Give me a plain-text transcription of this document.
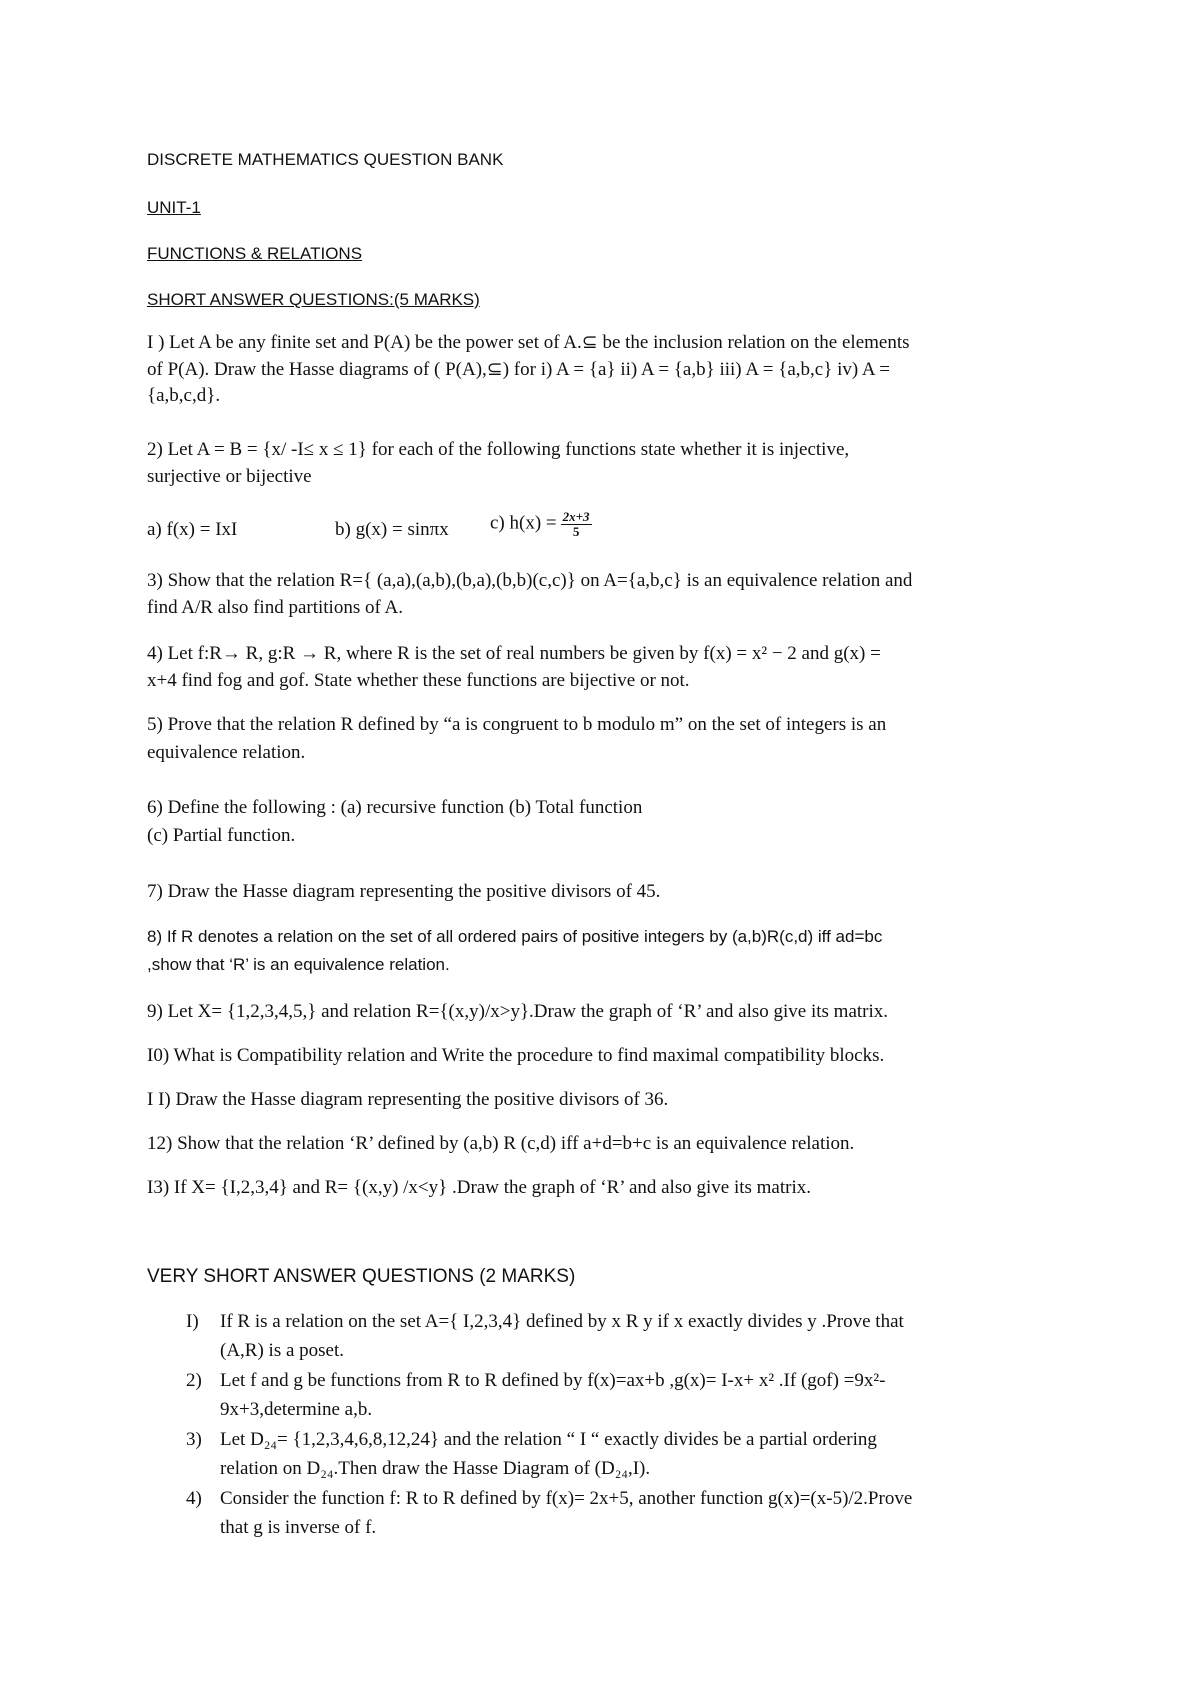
DISCRETE MATHEMATICS QUESTION BANK
UNIT-1
FUNCTIONS & RELATIONS
SHORT ANSWER QUESTIONS:(5 MARKS)
I ) Let A be any finite set and P(A) be the power set of A.⊆ be the inclusion relation on the elements
of P(A). Draw the Hasse diagrams of ( P(A),⊆) for i) A = {a} ii) A = {a,b} iii) A = {a,b,c} iv) A =
{a,b,c,d}.
2) Let A = B = {x/ -I≤ x ≤ 1} for each of the following functions state whether it is injective,
surjective or bijective
a) f(x) = IxI	b) g(x) = sinπx c) $h(x) = \frac{2x+3}{5}$
3) Show that the relation R={ (a,a),(a,b),(b,a),(b,b)(c,c)} on A={a,b,c} is an equivalence relation and
find A/R also find partitions of A.
4) Let f:R→ R, g:R → R, where R is the set of real numbers be given by f(x) = x² − 2 and g(x) =
x+4 find fog and gof. State whether these functions are bijective or not.
5) Prove that the relation R defined by “a is congruent to b modulo m” on the set of integers is an
equivalence relation.
6) Define the following : (a) recursive function (b) Total function
(c) Partial function.
7) Draw the Hasse diagram representing the positive divisors of 45.
8) If R denotes a relation on the set of all ordered pairs of positive integers by (a,b)R(c,d) iff ad=bc
,show that ‘R’ is an equivalence relation.
9) Let X= {1,2,3,4,5,} and relation R={(x,y)/x>y}.Draw the graph of ‘R’ and also give its matrix.
I0) What is Compatibility relation and Write the procedure to find maximal compatibility blocks.
I I) Draw the Hasse diagram representing the positive divisors of 36.
12) Show that the relation ‘R’ defined by (a,b) R (c,d) iff a+d=b+c is an equivalence relation.
I3) If X= {I,2,3,4} and R= {(x,y) /x<y} .Draw the graph of ‘R’ and also give its matrix.
VERY SHORT ANSWER QUESTIONS (2 MARKS)
I) If R is a relation on the set A={ I,2,3,4} defined by x R y if x exactly divides y .Prove that
(A,R) is a poset.
2) Let f and g be functions from R to R defined by f(x)=ax+b ,g(x)= I-x+ x² .If (gof) =9x²-
9x+3,determine a,b.
3) Let D₂₄= {1,2,3,4,6,8,12,24} and the relation “ I “ exactly divides be a partial ordering
relation on D₂₄.Then draw the Hasse Diagram of (D₂₄,I).
4) Consider the function f: R to R defined by f(x)= 2x+5, another function g(x)=(x-5)/2.Prove
that g is inverse of f.
